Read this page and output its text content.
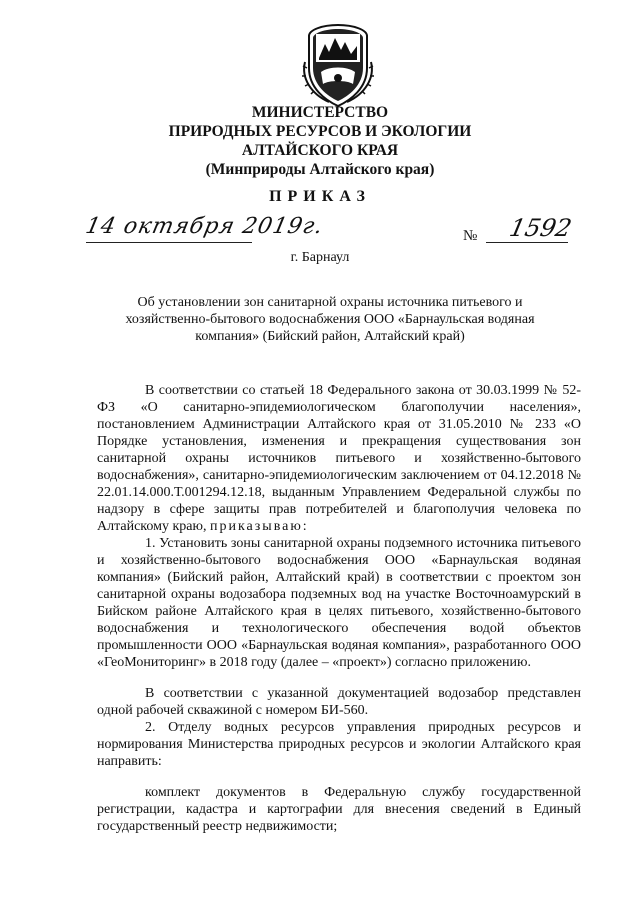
МИНИСТЕРСТВО
ПРИРОДНЫХ РЕСУРСОВ И ЭКОЛОГИИ
АЛТАЙСКОГО КРАЯ
(Минприроды Алтайского края)
ПРИКАЗ
14 октября 2019г.	№ 1592
г. Барнаул
Об установлении зон санитарной охраны источника питьевого и хозяйственно-бытового водоснабжения ООО «Барнаульская водяная компания» (Бийский район, Алтайский край)

В соответствии со статьей 18 Федерального закона от 30.03.1999 № 52-ФЗ «О санитарно-эпидемиологическом благополучии населения», постановлением Администрации Алтайского края от 31.05.2010 № 233 «О Порядке установления, изменения и прекращения существования зон санитарной охраны источников питьевого и хозяйственно-бытового водоснабжения», санитарно-эпидемиологическим заключением от 04.12.2018 № 22.01.14.000.Т.001294.12.18, выданным Управлением Федеральной службы по надзору в сфере защиты прав потребителей и благополучия человека по Алтайскому краю, приказываю:

1. Установить зоны санитарной охраны подземного источника питьевого и хозяйственно-бытового водоснабжения ООО «Барнаульская водяная компания» (Бийский район, Алтайский край) в соответствии с проектом зон санитарной охраны водозабора подземных вод на участке Восточноамурский в Бийском районе Алтайского края в целях питьевого, хозяйственно-бытового водоснабжения и технологического обеспечения водой объектов промышленности ООО «Барнаульская водяная компания», разработанного ООО «ГеоМониторинг» в 2018 году (далее – «проект») согласно приложению.

В соответствии с указанной документацией водозабор представлен одной рабочей скважиной с номером БИ-560.

2. Отделу водных ресурсов управления природных ресурсов и нормирования Министерства природных ресурсов и экологии Алтайского края направить:

комплект документов в Федеральную службу государственной регистрации, кадастра и картографии для внесения сведений в Единый государственный реестр недвижимости;
